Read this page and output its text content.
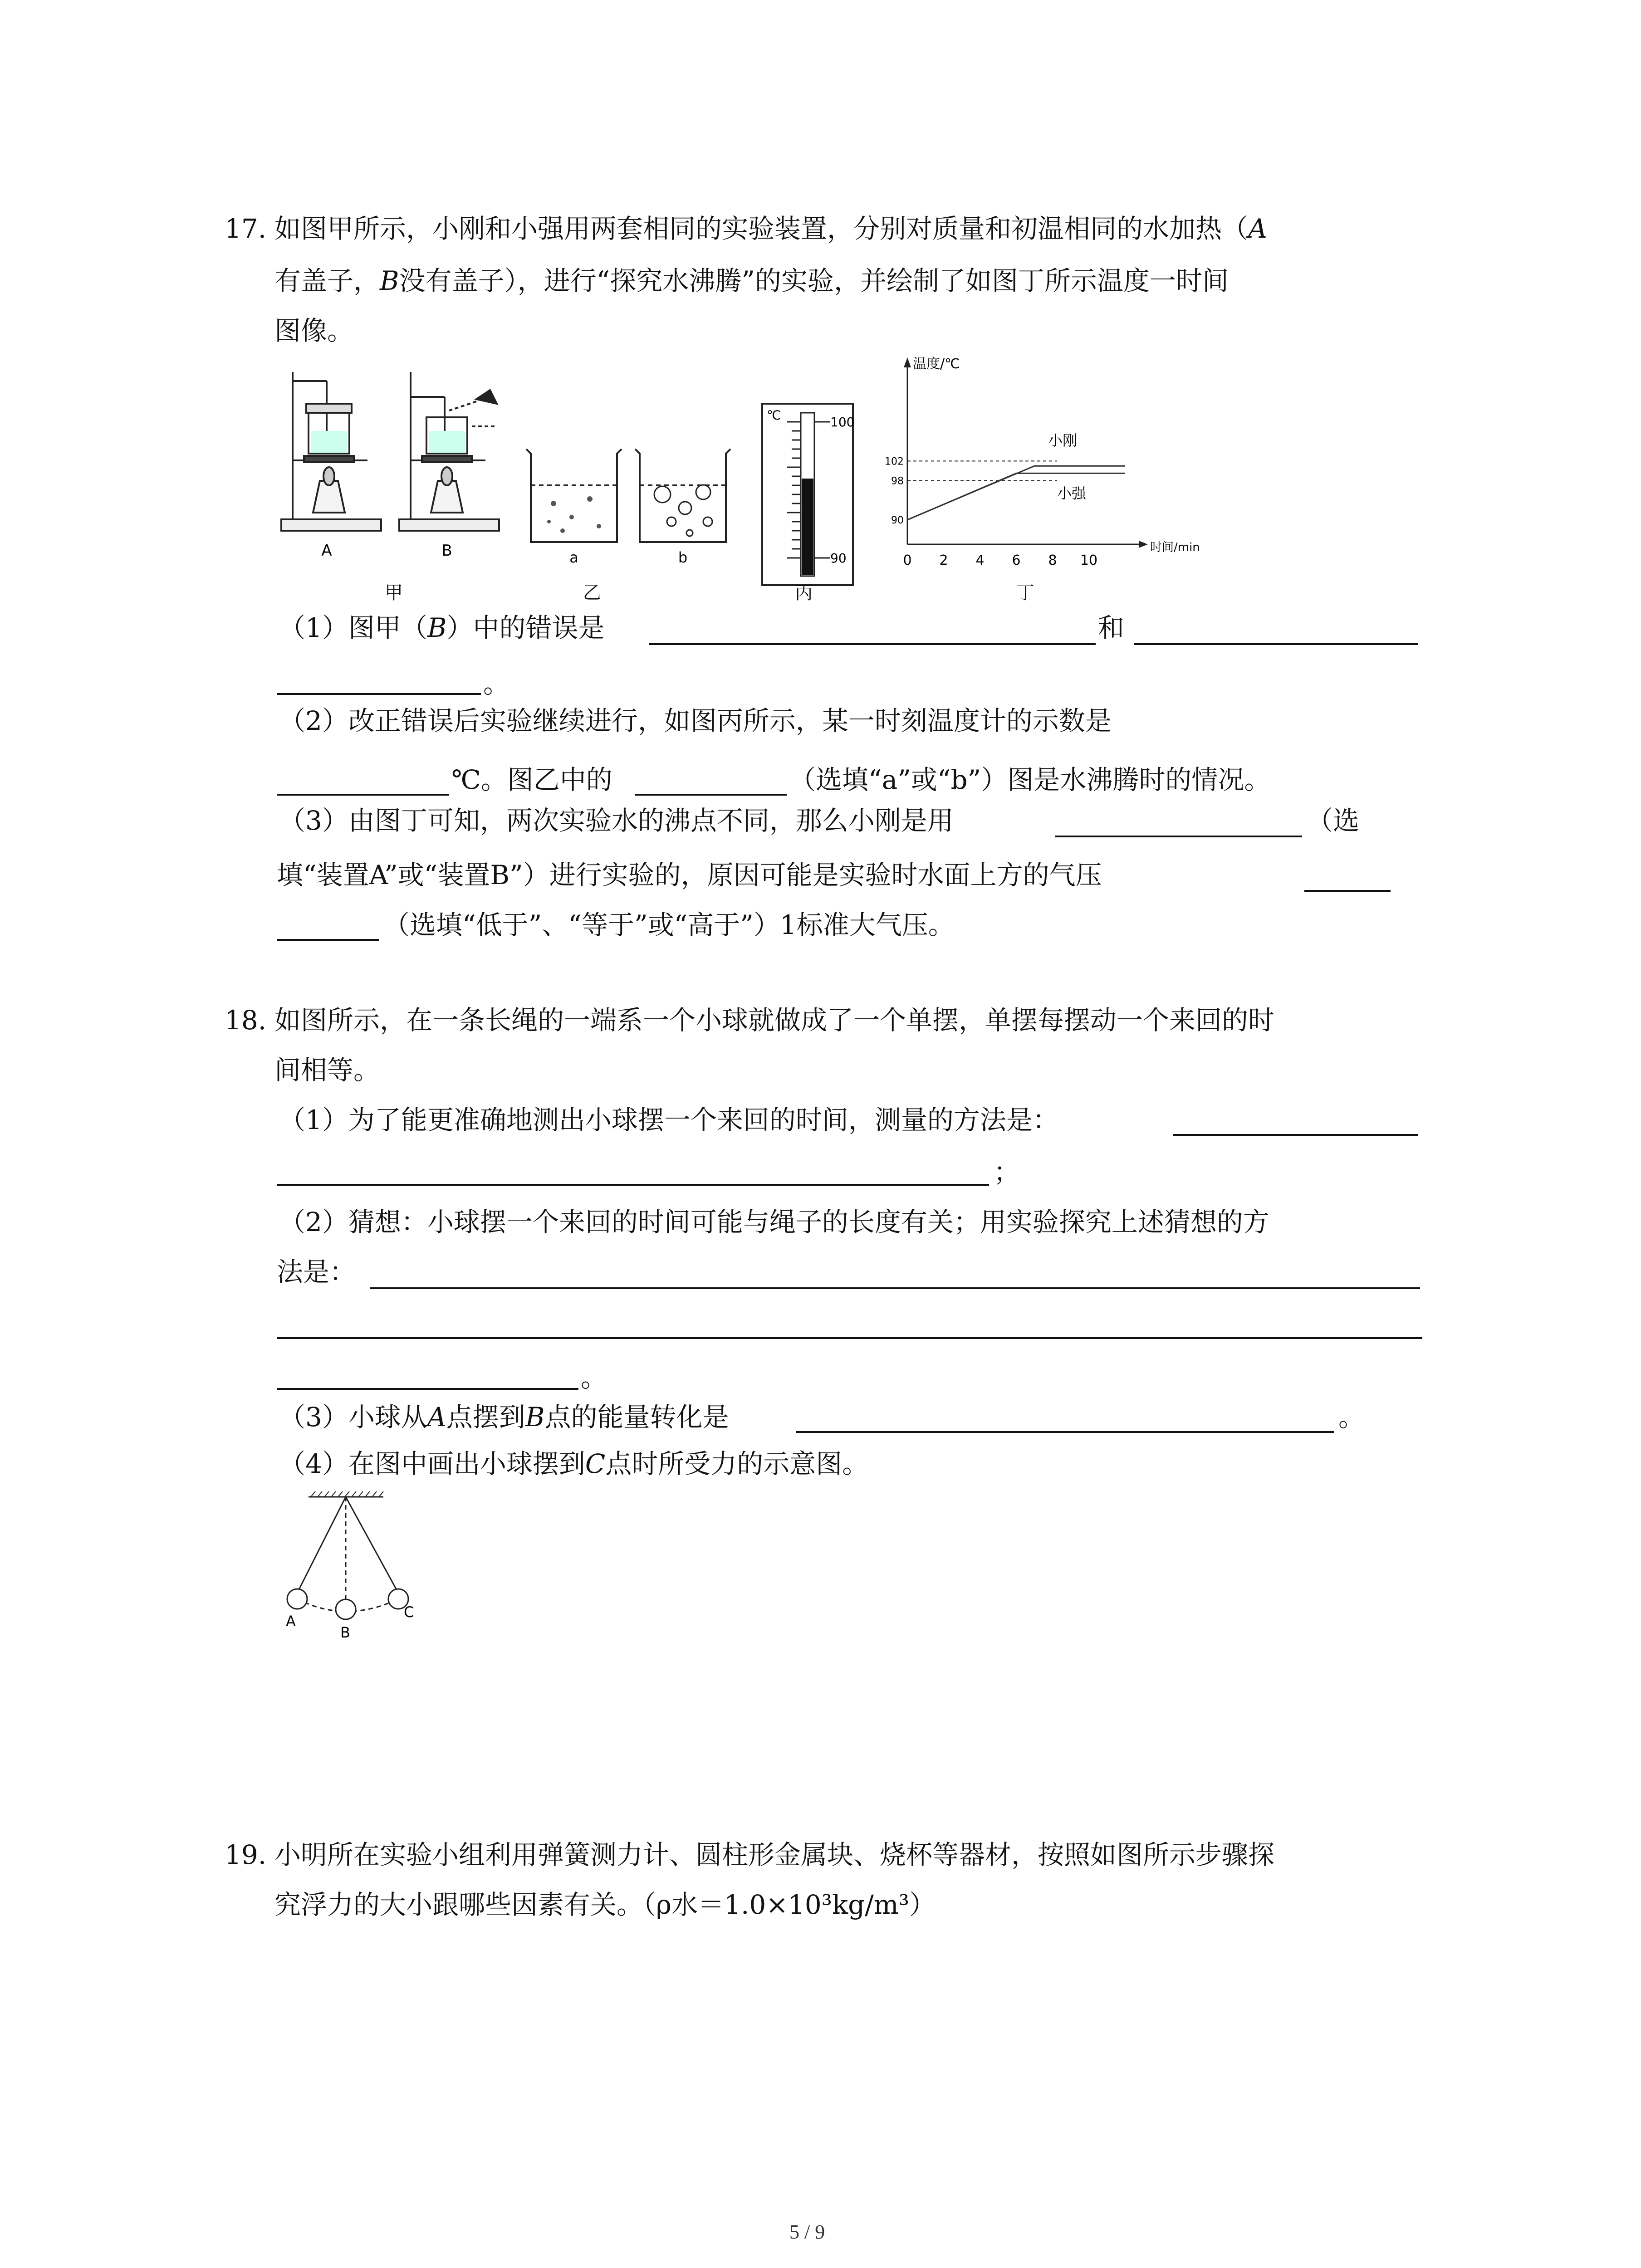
17. 如图甲所示，小刚和小强用两套相同的实验装置，分别对质量和初温相同的水加热（A
有盖子，B没有盖子），进行“探究水沸腾”的实验，并绘制了如图丁所示温度一时间
图像。
A	B
甲
a	b
乙
℃	100
90
丙
温度/℃
时间/min
0 2 4 6 8 10
90
98
102
小刚
小强
丁
（1）图甲（B）中的错误是	和
。
（2）改正错误后实验继续进行，如图丙所示，某一时刻温度计的示数是
℃。图乙中的	（选填“a”或“b”）图是水沸腾时的情况。
（3）由图丁可知，两次实验水的沸点不同，那么小刚是用	（选
填“装置A”或“装置B”）进行实验的，原因可能是实验时水面上方的气压
（选填“低于”、“等于”或“高于”）1标准大气压。
18. 如图所示，在一条长绳的一端系一个小球就做成了一个单摆，单摆每摆动一个来回的时
间相等。
（1）为了能更准确地测出小球摆一个来回的时间，测量的方法是：
；
（2）猜想：小球摆一个来回的时间可能与绳子的长度有关；用实验探究上述猜想的方
法是：
。
（3）小球从A点摆到B点的能量转化是	。
（4）在图中画出小球摆到C点时所受力的示意图。
A
B
C
19. 小明所在实验小组利用弹簧测力计、圆柱形金属块、烧杯等器材，按照如图所示步骤探
究浮力的大小跟哪些因素有关。（ρ水＝1.0×10³kg/m³）
5 / 9
